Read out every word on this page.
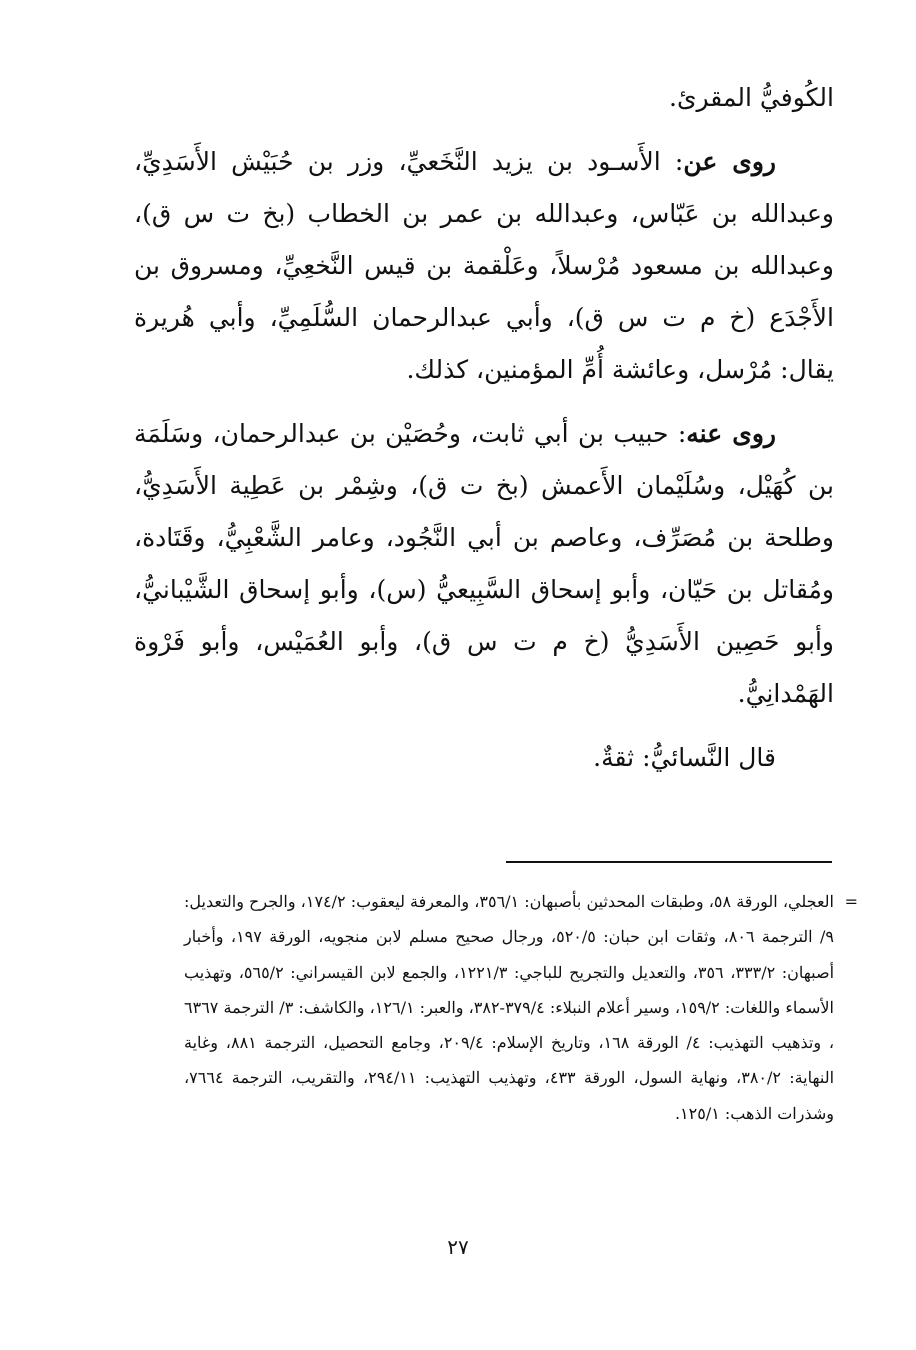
الكُوفيُّ المقرئ.

روى عن: الأَسـود بن يزيد النَّخَعيِّ، وزر بن حُبَيْش الأَسَدِيِّ، وعبدالله بن عَبّاس، وعبدالله بن عمر بن الخطاب (بخ ت س ق)، وعبدالله بن مسعود مُرْسلاً، وعَلْقمة بن قيس النَّخعِيِّ، ومسروق بن الأَجْدَع (خ م ت س ق)، وأبي عبدالرحمان السُّلَمِيِّ، وأبي هُريرة يقال: مُرْسل، وعائشة أُمِّ المؤمنين، كذلك.

روى عنه: حبيب بن أبي ثابت، وحُصَيْن بن عبدالرحمان، وسَلَمَة بن كُهَيْل، وسُلَيْمان الأَعمش (بخ ت ق)، وشِمْر بن عَطِية الأَسَدِيُّ، وطلحة بن مُصَرِّف، وعاصم بن أبي النَّجُود، وعامر الشَّعْبِيُّ، وقَتَادة، ومُقاتل بن حَيّان، وأبو إسحاق السَّبِيعيُّ (س)، وأبو إسحاق الشَّيْبانيُّ، وأبو حَصِين الأَسَدِيُّ (خ م ت س ق)، وأبو العُمَيْس، وأبو فَرْوة الهَمْدانِيُّ.

قال النَّسائيُّ: ثقةٌ.

=

العجلي، الورقة ٥٨، وطبقات المحدثين بأصبهان: ٣٥٦/١، والمعرفة ليعقوب: ١٧٤/٢، والجرح والتعديل: ٩/ الترجمة ٨٠٦، وثقات ابن حبان: ٥٢٠/٥، ورجال صحيح مسلم لابن منجويه، الورقة ١٩٧، وأخبار أصبهان: ٣٣٣/٢، ٣٥٦، والتعديل والتجريح للباجي: ١٢٢١/٣، والجمع لابن القيسراني: ٥٦٥/٢، وتهذيب الأسماء واللغات: ١٥٩/٢، وسير أعلام النبلاء: ٣٧٩/٤-٣٨٢، والعبر: ١٢٦/١، والكاشف: ٣/ الترجمة ٦٣٦٧ ، وتذهيب التهذيب: ٤/ الورقة ١٦٨، وتاريخ الإسلام: ٢٠٩/٤، وجامع التحصيل، الترجمة ٨٨١، وغاية النهاية: ٣٨٠/٢، ونهاية السول، الورقة ٤٣٣، وتهذيب التهذيب: ٢٩٤/١١، والتقريب، الترجمة ٧٦٦٤، وشذرات الذهب: ١٢٥/١.

٢٧
